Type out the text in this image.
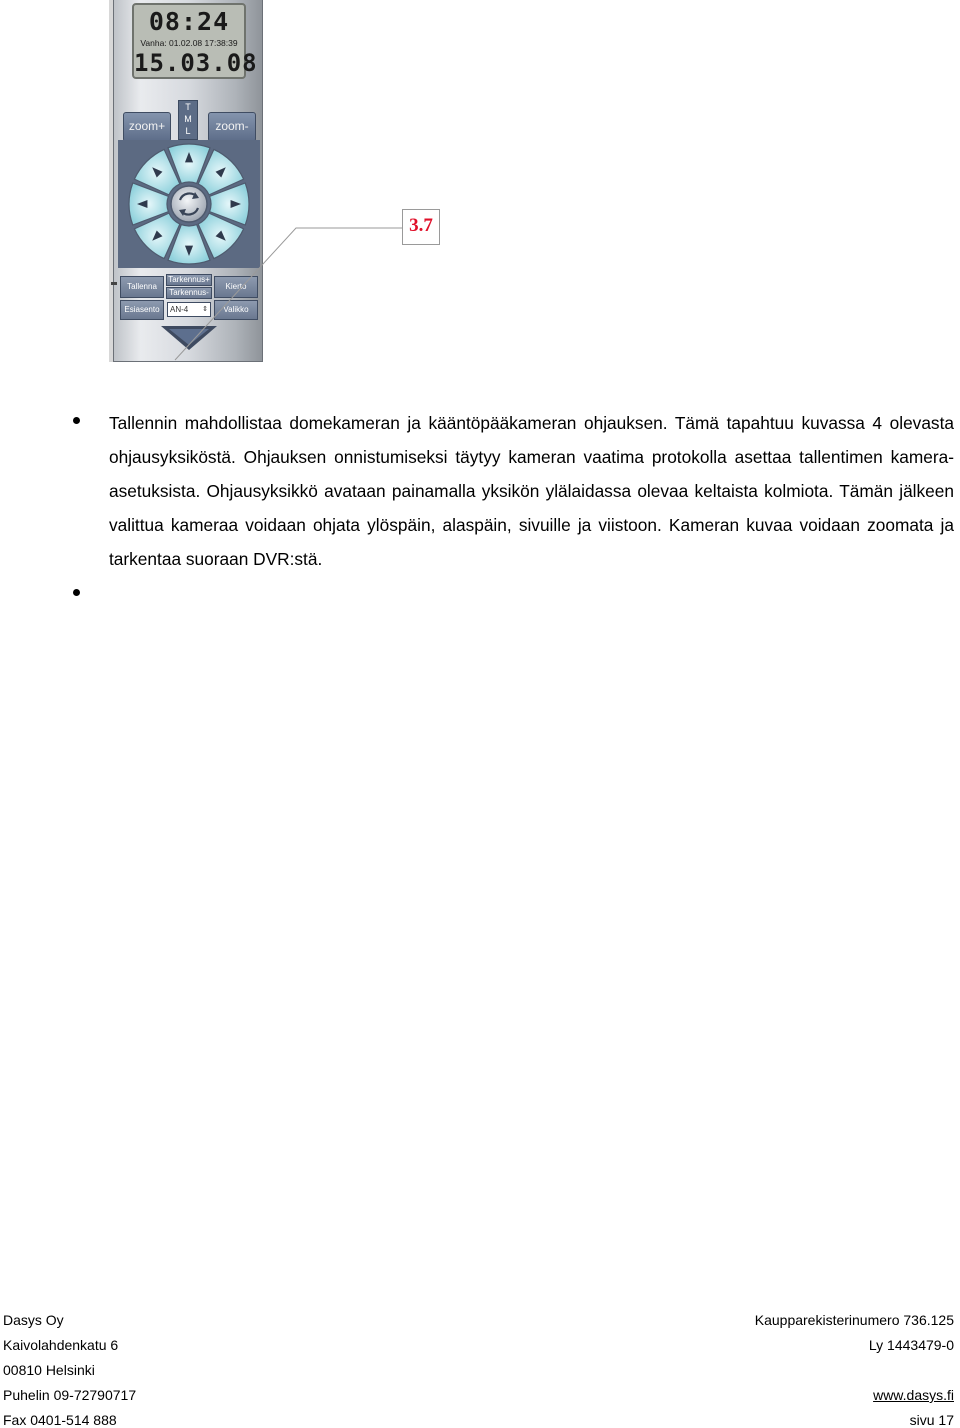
08:24
Vanha: 01.02.08 17:38:39
15.03.08
T
M
L
zoom+	zoom-
Tallenna
Tarkennus+
Tarkennus-
Kierto
Esiasento	AN-4 ⇕	Valikko
3.7

Tallennin mahdollistaa domekameran ja kääntöpääkameran ohjauksen. Tämä tapahtuu kuvassa 4 olevasta ohjausyksiköstä. Ohjauksen onnistumiseksi täytyy kameran vaatima protokolla asettaa tallentimen kamera-asetuksista. Ohjausyksikkö avataan painamalla yksikön ylälaidassa olevaa keltaista kolmiota. Tämän jälkeen valittua kameraa voidaan ohjata ylöspäin, alaspäin, sivuille ja viistoon. Kameran kuvaa voidaan zoomata ja tarkentaa suoraan DVR:stä.

Dasys Oy
Kaivolahdenkatu 6
00810 Helsinki
Puhelin 09-72790717
Fax 0401-514 888
Kaupparekisterinumero 736.125
Ly 1443479-0
www.dasys.fi
sivu 17
